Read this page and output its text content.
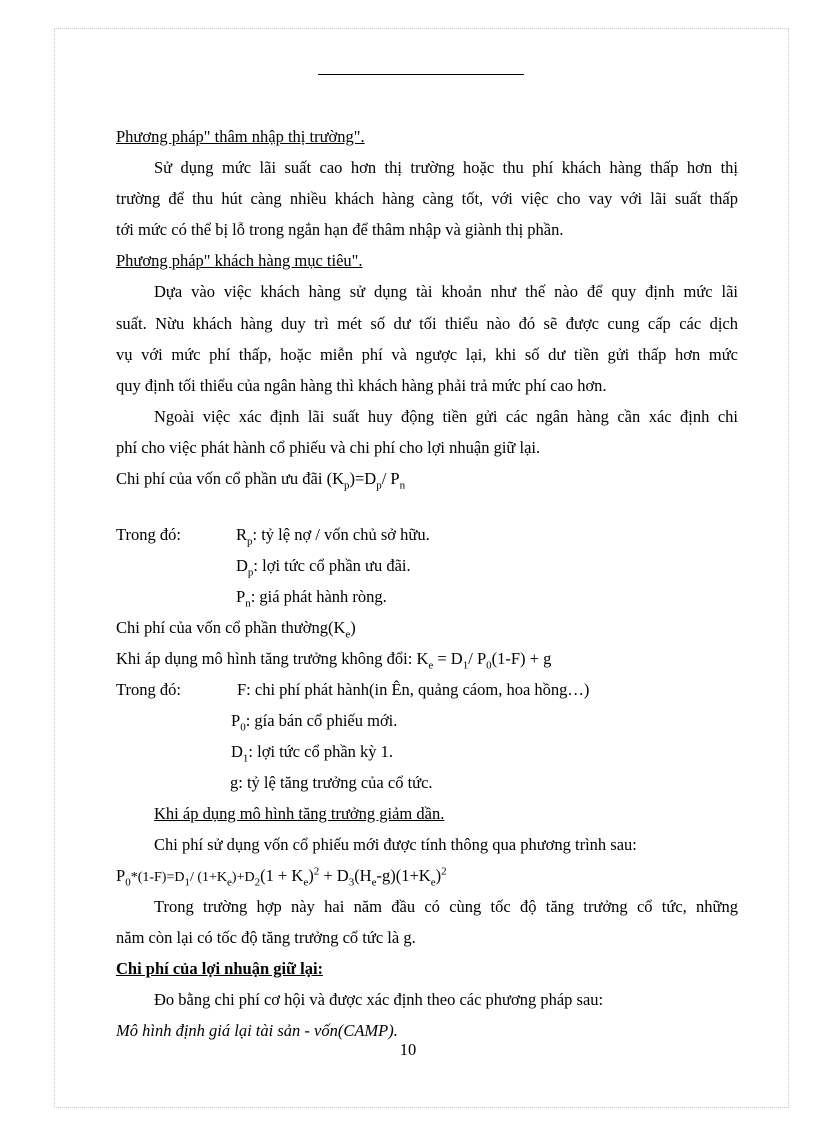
Phương pháp" thâm nhập thị trường".
Sử dụng mức lãi suất cao hơn thị trường hoặc thu phí khách hàng thấp hơn thị
trường để thu hút càng nhiều khách hàng càng tốt, với việc cho vay với lãi suất thấp
tới mức có thể bị lỗ trong ngắn hạn để thâm nhập và giành thị phần.
Phương pháp" khách hàng mục tiêu".
Dựa vào việc khách hàng sử dụng tài khoản như thế nào để quy định mức lãi
suất. Nừu khách hàng duy trì mét số dư tối thiểu nào đó sẽ được cung cấp các dịch
vụ với mức phí thấp, hoặc miễn phí và ngược lại, khi số dư tiền gửi thấp hơn mức
quy định tối thiểu của ngân hàng thì khách hàng phải trả mức phí cao hơn.
Ngoài việc xác định lãi suất huy động tiền gửi các ngân hàng cần xác định chi
phí cho việc phát hành cổ phiếu và chi phí cho lợi nhuận giữ lại.
Chi phí của vốn cổ phần ưu đãi $(K_p)=D_p/$ $P_n$
Trong đó:	$R_p$: tỷ lệ nợ / vốn chủ sở hữu.
$D_p$: lợi tức cổ phần ưu đãi.
$P_n$: giá phát hành ròng.
Chi phí của vốn cổ phần $thường(K_e)$
Khi áp dụng mô hình tăng trưởng không đổi: $K_e = D_1/$ $P_0(1-F) + g$
Trong đó:	F: chi phí phát hành(in Ên, quảng cáom, hoa hồng…)
$P_0$: gía bán cổ phiếu mới.
$D_1$: lợi tức cổ phần kỳ 1.
g: tỷ lệ tăng trưởng của cổ tức.
Khi áp dụng mô hình tăng trưởng giảm dần.
Chi phí sử dụng vốn cổ phiếu mới được tính thông qua phương trình sau:
$P_0*(1-F)=D_1/$ $(1+K_e)+D_2(1 + K_e)^2 + D_3(H_e-g)(1+K_e)^2$
Trong trường hợp này hai năm đầu có cùng tốc độ tăng trưởng cổ tức, những
năm còn lại có tốc độ tăng trưởng cổ tức là g.
Chi phí của lợi nhuận giữ lại:
Đo bằng chi phí cơ hội và được xác định theo các phương pháp sau:
Mô hình định giá lại tài sản - vốn(CAMP).
10
